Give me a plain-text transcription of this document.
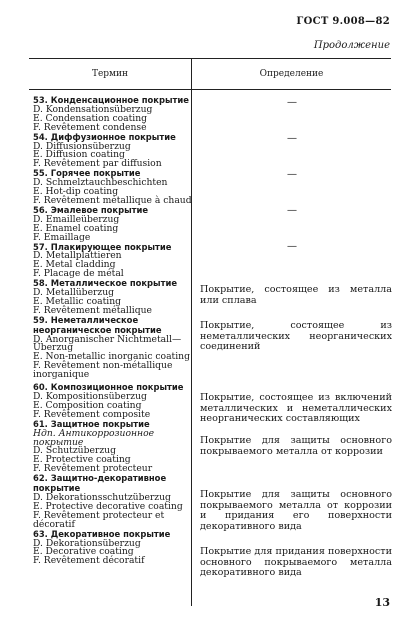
ГОСТ 9.008—82
Продолжение
Термин	Определение
53. Конденсационное покрытие
D. Kondensationsüberzug
E. Condensation coating
F. Revêtement condensé
54. Диффузионное покрытие
D. Diffusionsüberzug
E. Diffusion coating
F. Revêtement par diffusion
55. Горячее покрытие
D. Schmelztauchbeschichten
E. Hot-dip coating
F. Revêtement métallique à chaud
56. Эмалевое покрытие
D. Emailleüberzug
E. Enamel coating
F. Emaillage
57. Плакирующее покрытие
D. Metallplattieren
E. Metal cladding
F. Placage de métal
58. Металлическое покрытие
D. Metallüberzug
E. Metallic coating
F. Revêtement métallique
59. Неметаллическое неорганическое покрытие
D. Anorganischer Nichtmetall—Überzug
E. Non-metallic inorganic coating
F. Revêtement non-métallique inorganique
60. Композиционное покрытие
D. Kompositionsüberzug
E. Composition coating
F. Revêtement composite
61. Защитное покрытие
Ндп. Антикоррозионное покрытие
D. Schutzüberzug
E. Protective coating
F. Revêtement protecteur
62. Защитно-декоративное покрытие
D. Dekorationsschutzüberzug
E. Protective decorative coating
F. Revêtement protecteur et décoratif
63. Декоративное покрытие
D. Dekorationsüberzug
E. Decorative coating
F. Revêtement décoratif
—
—
—
—
—
Покрытие, состоящее из металла или сплава
Покрытие, состоящее из неметаллических неорганических соединений
Покрытие, состоящее из включений металлических и неметаллических неорганических составляющих
Покрытие для защиты основного покрываемого металла от коррозии
Покрытие для защиты основного покрываемого металла от коррозии и придания его поверхности декоративного вида
Покрытие для придания поверхности основного покрываемого металла декоративного вида
13
